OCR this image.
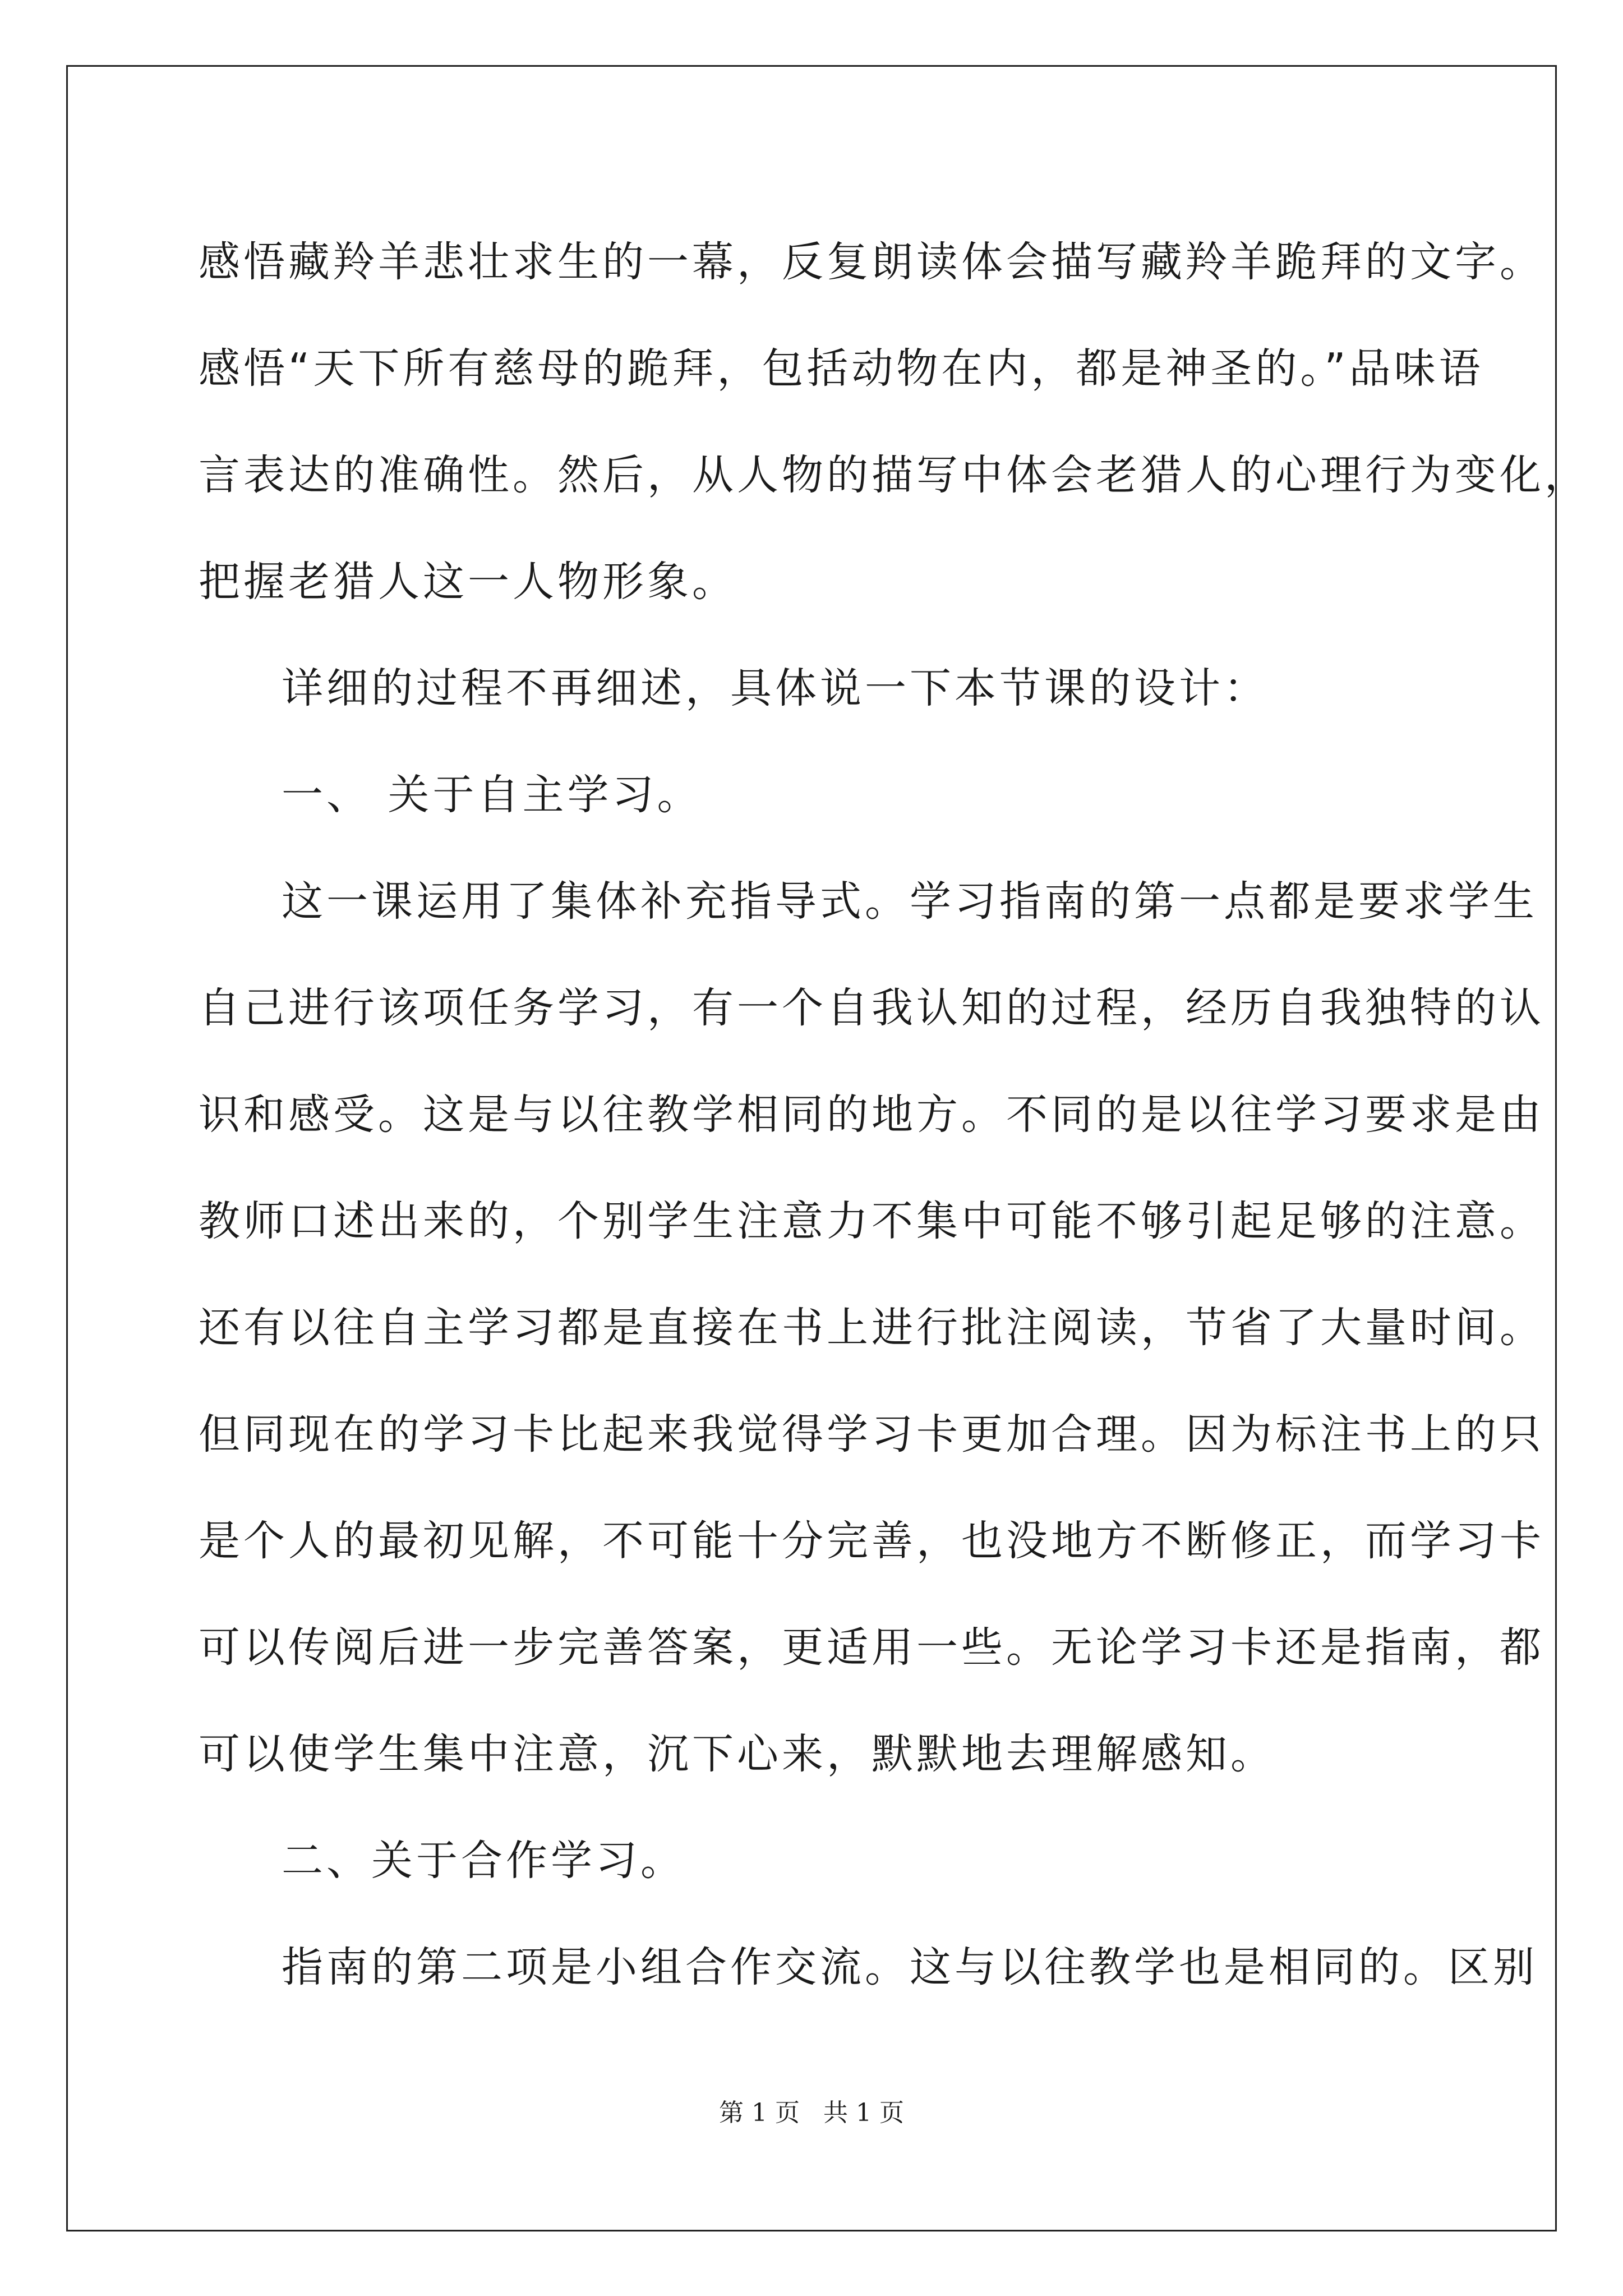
感悟藏羚羊悲壮求生的一幕，反复朗读体会描写藏羚羊跪拜的文字。
感悟“天下所有慈母的跪拜，包括动物在内，都是神圣的。”品味语
言表达的准确性。然后，从人物的描写中体会老猎人的心理行为变化，
把握老猎人这一人物形象。
详细的过程不再细述，具体说一下本节课的设计：
一、 关于自主学习。
这一课运用了集体补充指导式。学习指南的第一点都是要求学生
自己进行该项任务学习，有一个自我认知的过程，经历自我独特的认
识和感受。这是与以往教学相同的地方。不同的是以往学习要求是由
教师口述出来的，个别学生注意力不集中可能不够引起足够的注意。
还有以往自主学习都是直接在书上进行批注阅读，节省了大量时间。
但同现在的学习卡比起来我觉得学习卡更加合理。因为标注书上的只
是个人的最初见解，不可能十分完善，也没地方不断修正，而学习卡
可以传阅后进一步完善答案，更适用一些。无论学习卡还是指南，都
可以使学生集中注意，沉下心来，默默地去理解感知。
二、关于合作学习。
指南的第二项是小组合作交流。这与以往教学也是相同的。区别
第 1 页   共 1 页
